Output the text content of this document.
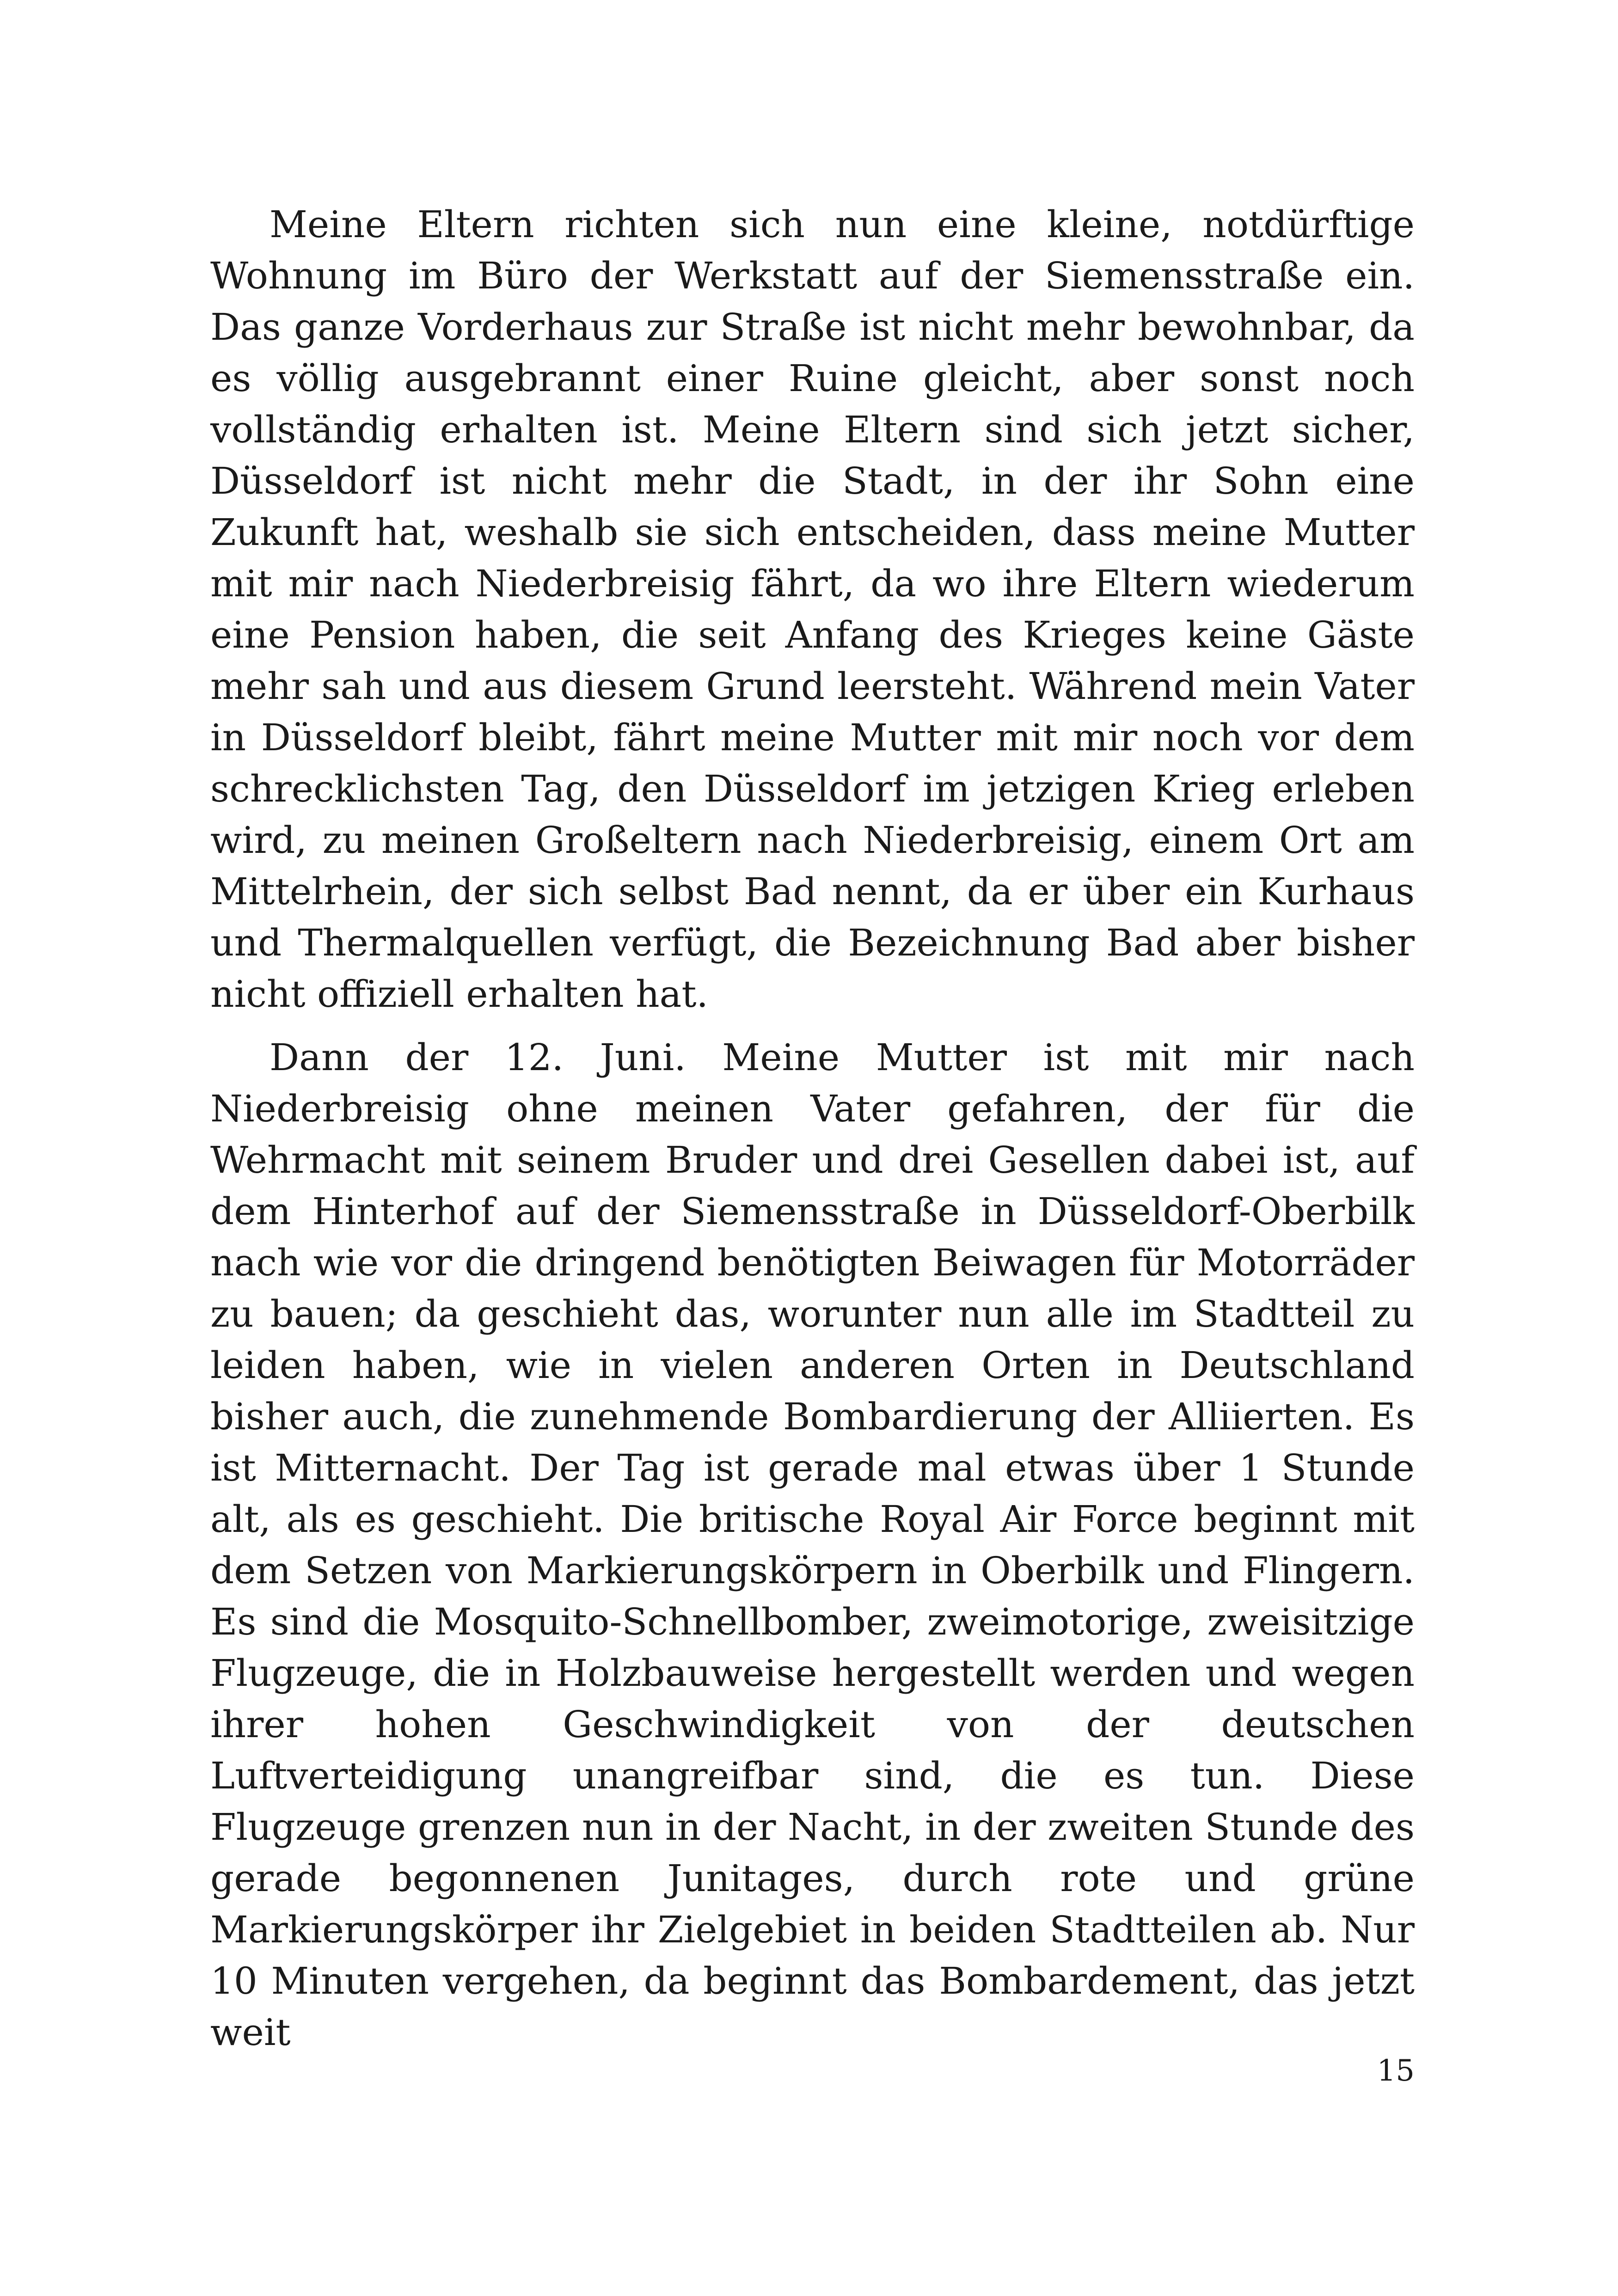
Meine Eltern richten sich nun eine kleine, notdürftige Wohnung im Büro der Werkstatt auf der Siemensstraße ein. Das ganze Vorderhaus zur Straße ist nicht mehr bewohnbar, da es völlig ausgebrannt einer Ruine gleicht, aber sonst noch vollständig erhalten ist. Meine Eltern sind sich jetzt sicher, Düsseldorf ist nicht mehr die Stadt, in der ihr Sohn eine Zukunft hat, weshalb sie sich entscheiden, dass meine Mutter mit mir nach Niederbreisig fährt, da wo ihre Eltern wiederum eine Pension haben, die seit Anfang des Krieges keine Gäste mehr sah und aus diesem Grund leersteht. Während mein Vater in Düsseldorf bleibt, fährt meine Mutter mit mir noch vor dem schrecklichsten Tag, den Düsseldorf im jetzigen Krieg erleben wird, zu meinen Großeltern nach Niederbreisig, einem Ort am Mittelrhein, der sich selbst Bad nennt, da er über ein Kurhaus und Thermalquellen verfügt, die Bezeichnung Bad aber bisher nicht offiziell erhalten hat.

Dann der 12. Juni. Meine Mutter ist mit mir nach Niederbreisig ohne meinen Vater gefahren, der für die Wehrmacht mit seinem Bruder und drei Gesellen dabei ist, auf dem Hinterhof auf der Siemensstraße in Düsseldorf-Oberbilk nach wie vor die dringend benötigten Beiwagen für Motorräder zu bauen; da geschieht das, worunter nun alle im Stadtteil zu leiden haben, wie in vielen anderen Orten in Deutschland bisher auch, die zunehmende Bombardierung der Alliierten. Es ist Mitternacht. Der Tag ist gerade mal etwas über 1 Stunde alt, als es geschieht. Die britische Royal Air Force beginnt mit dem Setzen von Markierungskörpern in Oberbilk und Flingern. Es sind die Mosquito-Schnellbomber, zweimotorige, zweisitzige Flugzeuge, die in Holzbauweise hergestellt werden und wegen ihrer hohen Geschwindigkeit von der deutschen Luftverteidigung unangreifbar sind, die es tun. Diese Flugzeuge grenzen nun in der Nacht, in der zweiten Stunde des gerade begonnenen Junitages, durch rote und grüne Markierungskörper ihr Zielgebiet in beiden Stadtteilen ab. Nur 10 Minuten vergehen, da beginnt das Bombardement, das jetzt weit

15
